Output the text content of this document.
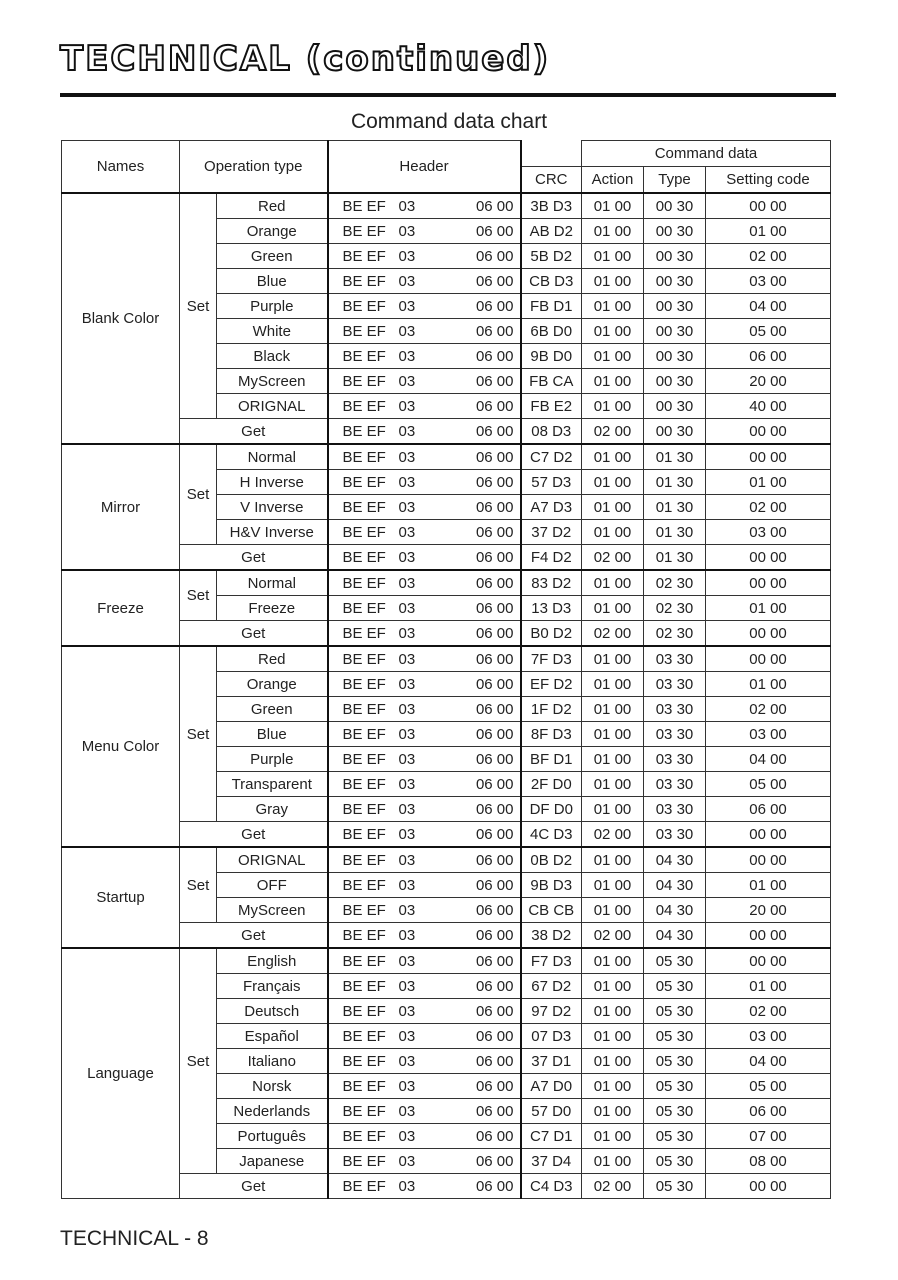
TECHNICAL (continued)
Command data chart
Names	Operation type		Header		Command data		
				CRC	Action	Type	Setting code
Blank Color	Set	Red	BE EF 03 06 00	3B D3	01 00	00 30	00 00
		Orange	BE EF 03 06 00	AB D2	01 00	00 30	01 00
		Green	BE EF 03 06 00	5B D2	01 00	00 30	02 00
		Blue	BE EF 03 06 00	CB D3	01 00	00 30	03 00
		Purple	BE EF 03 06 00	FB D1	01 00	00 30	04 00
		White	BE EF 03 06 00	6B D0	01 00	00 30	05 00
		Black	BE EF 03 06 00	9B D0	01 00	00 30	06 00
		MyScreen	BE EF 03 06 00	FB CA	01 00	00 30	20 00
		ORIGNAL	BE EF 03 06 00	FB E2	01 00	00 30	40 00
	Get		BE EF 03 06 00	08 D3	02 00	00 30	00 00
Mirror	Set	Normal	BE EF 03 06 00	C7 D2	01 00	01 30	00 00
		H Inverse	BE EF 03 06 00	57 D3	01 00	01 30	01 00
		V Inverse	BE EF 03 06 00	A7 D3	01 00	01 30	02 00
		H&V Inverse	BE EF 03 06 00	37 D2	01 00	01 30	03 00
	Get		BE EF 03 06 00	F4 D2	02 00	01 30	00 00
Freeze	Set	Normal	BE EF 03 06 00	83 D2	01 00	02 30	00 00
		Freeze	BE EF 03 06 00	13 D3	01 00	02 30	01 00
	Get		BE EF 03 06 00	B0 D2	02 00	02 30	00 00
Menu Color	Set	Red	BE EF 03 06 00	7F D3	01 00	03 30	00 00
		Orange	BE EF 03 06 00	EF D2	01 00	03 30	01 00
		Green	BE EF 03 06 00	1F D2	01 00	03 30	02 00
		Blue	BE EF 03 06 00	8F D3	01 00	03 30	03 00
		Purple	BE EF 03 06 00	BF D1	01 00	03 30	04 00
		Transparent	BE EF 03 06 00	2F D0	01 00	03 30	05 00
		Gray	BE EF 03 06 00	DF D0	01 00	03 30	06 00
	Get		BE EF 03 06 00	4C D3	02 00	03 30	00 00
Startup	Set	ORIGNAL	BE EF 03 06 00	0B D2	01 00	04 30	00 00
		OFF	BE EF 03 06 00	9B D3	01 00	04 30	01 00
		MyScreen	BE EF 03 06 00	CB CB	01 00	04 30	20 00
	Get		BE EF 03 06 00	38 D2	02 00	04 30	00 00
Language	Set	English	BE EF 03 06 00	F7 D3	01 00	05 30	00 00
		Français	BE EF 03 06 00	67 D2	01 00	05 30	01 00
		Deutsch	BE EF 03 06 00	97 D2	01 00	05 30	02 00
		Español	BE EF 03 06 00	07 D3	01 00	05 30	03 00
		Italiano	BE EF 03 06 00	37 D1	01 00	05 30	04 00
		Norsk	BE EF 03 06 00	A7 D0	01 00	05 30	05 00
		Nederlands	BE EF 03 06 00	57 D0	01 00	05 30	06 00
		Português	BE EF 03 06 00	C7 D1	01 00	05 30	07 00
		Japanese	BE EF 03 06 00	37 D4	01 00	05 30	08 00
	Get		BE EF 03 06 00	C4 D3	02 00	05 30	00 00
TECHNICAL - 8
